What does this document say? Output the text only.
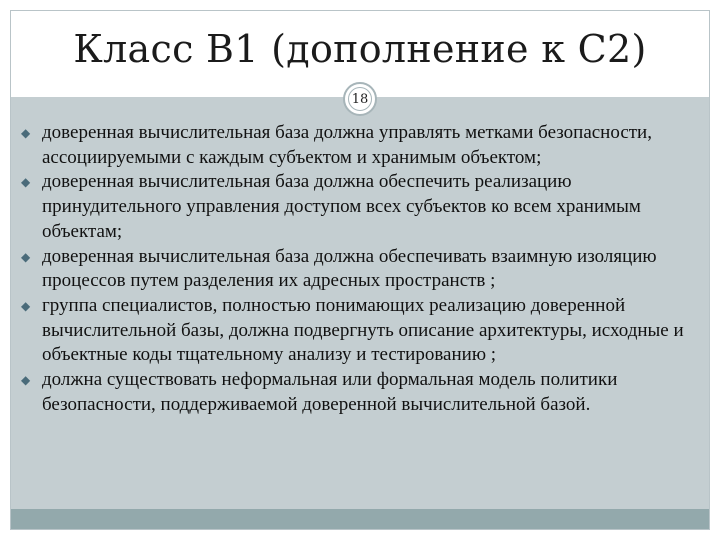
Класс B1 (дополнение к C2)
18
◆ доверенная вычислительная база должна управлять метками безопасности, ассоциируемыми с каждым субъектом и хранимым объектом;
◆ доверенная вычислительная база должна обеспечить реализацию принудительного управления доступом всех субъектов ко всем хранимым объектам;
◆ доверенная вычислительная база должна обеспечивать взаимную изоляцию процессов путем разделения их адресных пространств ;
◆ группа специалистов, полностью понимающих реализацию доверенной вычислительной базы, должна подвергнуть описание архитектуры, исходные и объектные коды тщательному анализу и тестированию ;
◆ должна существовать неформальная или формальная модель политики безопасности, поддерживаемой доверенной вычислительной базой.
